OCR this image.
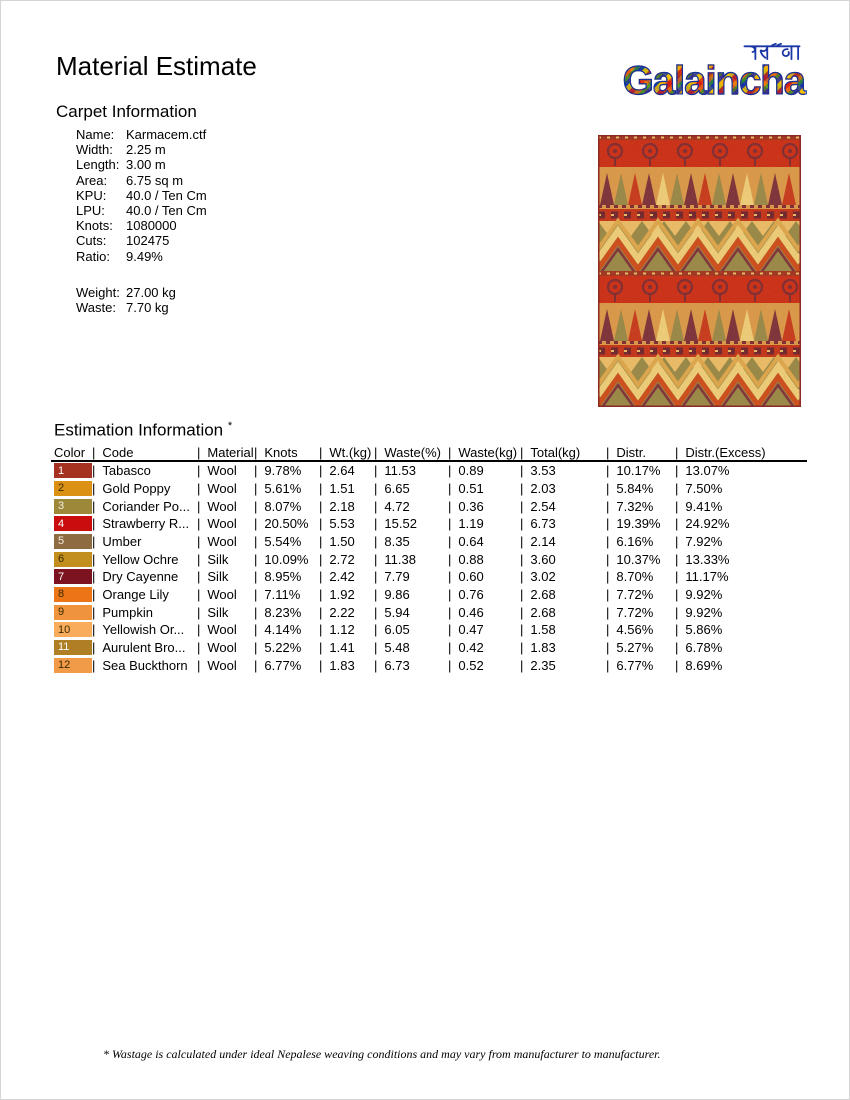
Material Estimate	Galaincha
Carpet Information
Name: Karmacem.ctf
Width: 2.25 m
Length: 3.00 m
Area: 6.75 sq m
KPU: 40.0 / Ten Cm
LPU: 40.0 / Ten Cm
Knots: 1080000
Cuts: 102475
Ratio: 9.49%
Weight: 27.00 kg
Waste: 7.70 kg
Estimation Information *
Color | Code	| Material | Knots | Wt.(kg) | Waste(%) | Waste(kg) | Total(kg) | Distr. | Distr.(Excess)
1 | Tabasco	| Wool | 9.78% | 2.64 | 11.53 | 0.89	| 3.53	| 10.17% | 13.07%
2 | Gold Poppy | Wool | 5.61% | 1.51 | 6.65	| 0.51	| 2.03	| 5.84% | 7.50%
3 | Coriander Po... | Wool | 8.07% | 2.18 | 4.72	| 0.36	| 2.54	| 7.32% | 9.41%
4 | Strawberry R... | Wool | 20.50% | 5.53 | 15.52 | 1.19	| 6.73	| 19.39% | 24.92%
5 | Umber	| Wool | 5.54% | 1.50 | 8.35	| 0.64	| 2.14	| 6.16% | 7.92%
6 | Yellow Ochre | Silk | 10.09% | 2.72 | 11.38 | 0.88	| 3.60	| 10.37% | 13.33%
7 | Dry Cayenne | Silk | 8.95% | 2.42 | 7.79	| 0.60	| 3.02	| 8.70% | 11.17%
8 | Orange Lily | Wool | 7.11% | 1.92 | 9.86	| 0.76	| 2.68	| 7.72% | 9.92%
9 | Pumpkin	| Silk | 8.23% | 2.22 | 5.94	| 0.46	| 2.68	| 7.72% | 9.92%
10 | Yellowish Or... | Wool | 4.14% | 1.12 | 6.05	| 0.47	| 1.58	| 4.56% | 5.86%
11 | Aurulent Bro... | Wool | 5.22% | 1.41 | 5.48	| 0.42	| 1.83	| 5.27% | 6.78%
12 | Sea Buckthorn | Wool | 6.77% | 1.83 | 6.73	| 0.52	| 2.35	| 6.77% | 8.69%
* Wastage is calculated under ideal Nepalese weaving conditions and may vary from manufacturer to manufacturer.
